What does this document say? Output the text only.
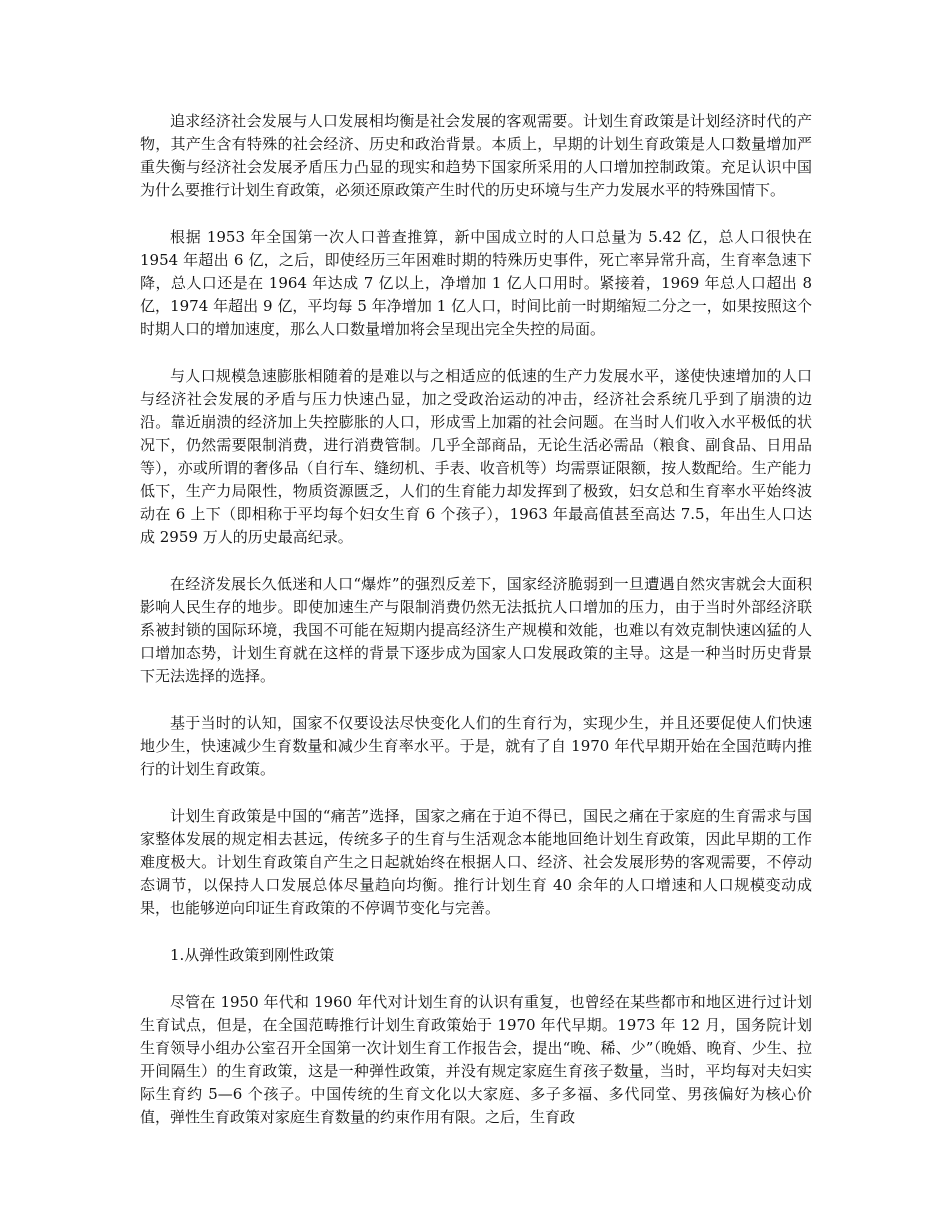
追求经济社会发展与人口发展相均衡是社会发展的客观需要。计划生育政策是计划经济时代的产物，其产生含有特殊的社会经济、历史和政治背景。本质上，早期的计划生育政策是人口数量增加严重失衡与经济社会发展矛盾压力凸显的现实和趋势下国家所采用的人口增加控制政策。充足认识中国为什么要推行计划生育政策，必须还原政策产生时代的历史环境与生产力发展水平的特殊国情下。

根据 1953 年全国第一次人口普查推算，新中国成立时的人口总量为 5.42 亿，总人口很快在 1954 年超出 6 亿，之后，即使经历三年困难时期的特殊历史事件，死亡率异常升高，生育率急速下降，总人口还是在 1964 年达成 7 亿以上，净增加 1 亿人口用时。紧接着，1969 年总人口超出 8 亿，1974 年超出 9 亿，平均每 5 年净增加 1 亿人口，时间比前一时期缩短二分之一，如果按照这个时期人口的增加速度，那么人口数量增加将会呈现出完全失控的局面。

与人口规模急速膨胀相随着的是难以与之相适应的低速的生产力发展水平，遂使快速增加的人口与经济社会发展的矛盾与压力快速凸显，加之受政治运动的冲击，经济社会系统几乎到了崩溃的边沿。靠近崩溃的经济加上失控膨胀的人口，形成雪上加霜的社会问题。在当时人们收入水平极低的状况下，仍然需要限制消费，进行消费管制。几乎全部商品，无论生活必需品（粮食、副食品、日用品等），亦或所谓的奢侈品（自行车、缝纫机、手表、收音机等）均需票证限额，按人数配给。生产能力低下，生产力局限性，物质资源匮乏，人们的生育能力却发挥到了极致，妇女总和生育率水平始终波动在 6 上下（即相称于平均每个妇女生育 6 个孩子），1963 年最高值甚至高达 7.5，年出生人口达成 2959 万人的历史最高纪录。

在经济发展长久低迷和人口“爆炸”的强烈反差下，国家经济脆弱到一旦遭遇自然灾害就会大面积影响人民生存的地步。即使加速生产与限制消费仍然无法抵抗人口增加的压力，由于当时外部经济联系被封锁的国际环境，我国不可能在短期内提高经济生产规模和效能，也难以有效克制快速凶猛的人口增加态势，计划生育就在这样的背景下逐步成为国家人口发展政策的主导。这是一种当时历史背景下无法选择的选择。

基于当时的认知，国家不仅要设法尽快变化人们的生育行为，实现少生，并且还要促使人们快速地少生，快速减少生育数量和减少生育率水平。于是，就有了自 1970 年代早期开始在全国范畴内推行的计划生育政策。

计划生育政策是中国的“痛苦”选择，国家之痛在于迫不得已，国民之痛在于家庭的生育需求与国家整体发展的规定相去甚远，传统多子的生育与生活观念本能地回绝计划生育政策，因此早期的工作难度极大。计划生育政策自产生之日起就始终在根据人口、经济、社会发展形势的客观需要，不停动态调节，以保持人口发展总体尽量趋向均衡。推行计划生育 40 余年的人口增速和人口规模变动成果，也能够逆向印证生育政策的不停调节变化与完善。

1.从弹性政策到刚性政策

尽管在 1950 年代和 1960 年代对计划生育的认识有重复，也曾经在某些都市和地区进行过计划生育试点，但是，在全国范畴推行计划生育政策始于 1970 年代早期。1973 年 12 月，国务院计划生育领导小组办公室召开全国第一次计划生育工作报告会，提出“晚、稀、少”（晚婚、晚育、少生、拉开间隔生）的生育政策，这是一种弹性政策，并没有规定家庭生育孩子数量，当时，平均每对夫妇实际生育约 5—6 个孩子。中国传统的生育文化以大家庭、多子多福、多代同堂、男孩偏好为核心价值，弹性生育政策对家庭生育数量的约束作用有限。之后，生育政
